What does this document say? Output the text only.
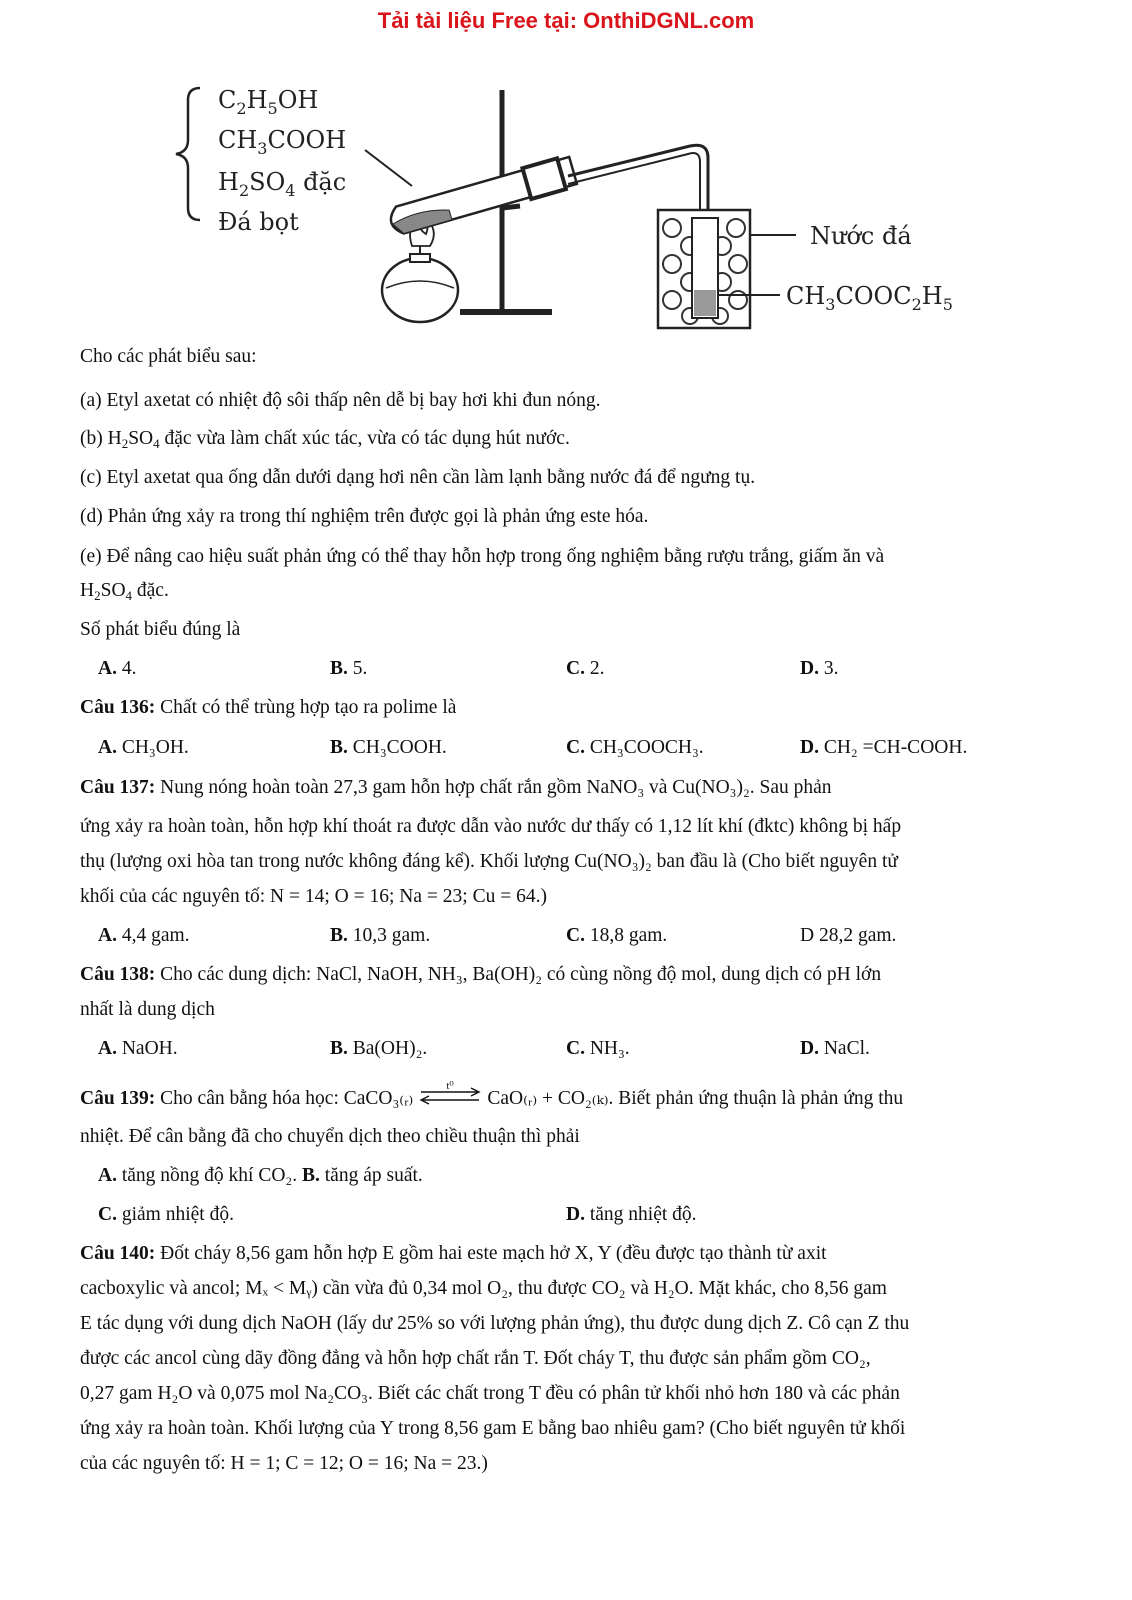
Tải tài liệu Free tại: OnthiDGNL.com
$C_2H_5OH$
$CH_3COOH$
$H_2SO_4$ đặc
Đá bọt	Nước đá
$CH_3COOC_2H_5$

Cho các phát biểu sau:

(a) Etyl axetat có nhiệt độ sôi thấp nên dễ bị bay hơi khi đun nóng.

(b) $H_2SO_4$ đặc vừa làm chất xúc tác, vừa có tác dụng hút nước.

(c) Etyl axetat qua ống dẫn dưới dạng hơi nên cần làm lạnh bằng nước đá để ngưng tụ.

(d) Phản ứng xảy ra trong thí nghiệm trên được gọi là phản ứng este hóa.

(e) Để nâng cao hiệu suất phản ứng có thể thay hỗn hợp trong ống nghiệm bằng rượu trắng, giấm ăn và

$H_2SO_4$ đặc.

Số phát biểu đúng là

A. 4.	B. 5.	C. 2.	D. 3.

Câu 136: Chất có thể trùng hợp tạo ra polime là

A. CH₃OH.	B. CH₃COOH.	C. CH₃COOCH₃.	D. CH₂ =CH-COOH.

Câu 137: Nung nóng hoàn toàn 27,3 gam hỗn hợp chất rắn gồm NaNO₃ và Cu(NO₃)₂. Sau phản

ứng xảy ra hoàn toàn, hỗn hợp khí thoát ra được dẫn vào nước dư thấy có 1,12 lít khí (đktc) không bị hấp

thụ (lượng oxi hòa tan trong nước không đáng kể). Khối lượng Cu(NO₃)₂ ban đầu là (Cho biết nguyên tử

khối của các nguyên tố: N = 14; O = 16; Na = 23; Cu = 64.)

A. 4,4 gam.	B. 10,3 gam.	C. 18,8 gam.	D 28,2 gam.

Câu 138: Cho các dung dịch: NaCl, NaOH, NH₃, Ba(OH)₂ có cùng nồng độ mol, dung dịch có pH lớn

nhất là dung dịch

A. NaOH.	B. Ba(OH)₂.	C. NH₃.	D. NaCl.

Câu 139: Cho cân bằng hóa học: CaCO₃₍ᵣ₎
t⁰
CaO₍ᵣ₎ + CO₂₍ₖ₎. Biết phản ứng thuận là phản ứng thu

nhiệt. Để cân bằng đã cho chuyển dịch theo chiều thuận thì phải

A. tăng nồng độ khí CO₂. B. tăng áp suất.
C. giảm nhiệt độ.	D. tăng nhiệt độ.

Câu 140: Đốt cháy 8,56 gam hỗn hợp E gồm hai este mạch hở X, Y (đều được tạo thành từ axit

cacboxylic và ancol; Mₓ < Mᵧ) cần vừa đủ 0,34 mol O₂, thu được CO₂ và H₂O. Mặt khác, cho 8,56 gam

E tác dụng với dung dịch NaOH (lấy dư 25% so với lượng phản ứng), thu được dung dịch Z. Cô cạn Z thu

được các ancol cùng dãy đồng đẳng và hỗn hợp chất rắn T. Đốt cháy T, thu được sản phẩm gồm CO₂,

0,27 gam H₂O và 0,075 mol Na₂CO₃. Biết các chất trong T đều có phân tử khối nhỏ hơn 180 và các phản

ứng xảy ra hoàn toàn. Khối lượng của Y trong 8,56 gam E bằng bao nhiêu gam? (Cho biết nguyên tử khối

của các nguyên tố: H = 1; C = 12; O = 16; Na = 23.)
